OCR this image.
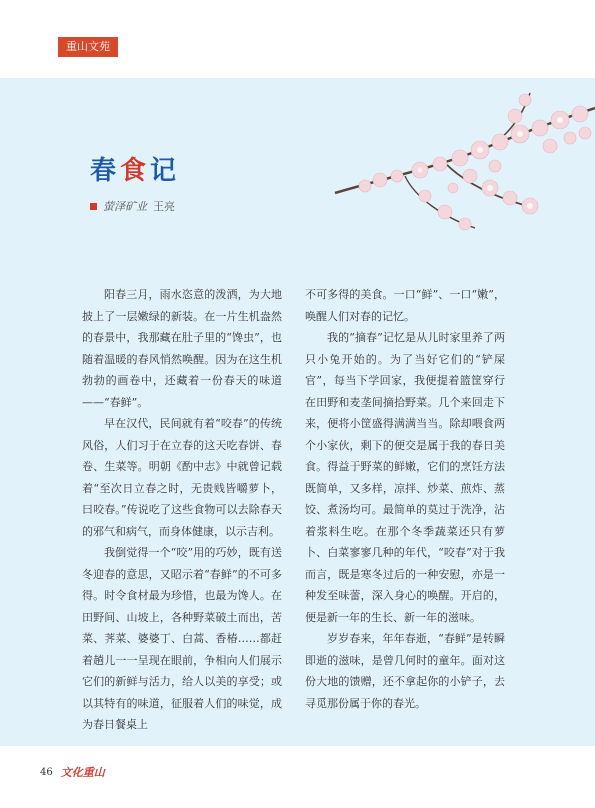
重山文苑
春食记
萤泽矿业 王亮

阳春三月，雨水恣意的泼洒，为大地披上了一层嫩绿的新装。在一片生机盎然的春景中，我那藏在肚子里的“馋虫”，也随着温暖的春风悄然唤醒。因为在这生机勃勃的画卷中，还藏着一份春天的味道——“春鲜”。

早在汉代，民间就有着“咬春”的传统风俗，人们习于在立春的这天吃春饼、春卷、生菜等。明朝《酌中志》中就曾记载着“至次日立春之时，无贵贱皆嚼萝卜，曰咬春。”传说吃了这些食物可以去除春天的邪气和病气，而身体健康，以示吉利。

我倒觉得一个“咬”用的巧妙，既有送冬迎春的意思，又昭示着“春鲜”的不可多得。时令食材最为珍惜，也最为馋人。在田野间、山坡上，各种野菜破土而出，苦菜、荠菜、婆婆丁、白蒿、香椿……都赶着趟儿一一呈现在眼前，争相向人们展示它们的新鲜与活力，给人以美的享受；或以其特有的味道，征服着人们的味觉，成为春日餐桌上

不可多得的美食。一口“鲜”、一口“嫩”，唤醒人们对春的记忆。

我的“摘春”记忆是从儿时家里养了两只小兔开始的。为了当好它们的“铲屎官”，每当下学回家，我便提着篮筐穿行在田野和麦垄间摘拾野菜。几个来回走下来，便将小筐盛得满满当当。除却喂食两个小家伙，剩下的便交是属于我的春日美食。得益于野菜的鲜嫩，它们的烹饪方法既简单，又多样，凉拌、炒菜、煎炸、蒸饺、煮汤均可。最简单的莫过于洗净，沾着浆料生吃。在那个冬季蔬菜还只有萝卜、白菜寥寥几种的年代，“咬春”对于我而言，既是寒冬过后的一种安慰，亦是一种发至味蕾，深入身心的唤醒。开启的，便是新一年的生长、新一年的滋味。

岁岁春来，年年春逝，“春鲜”是转瞬即逝的滋味，是曾几何时的童年。面对这份大地的馈赠，还不拿起你的小铲子，去寻觅那份属于你的春光。

46 文化重山
